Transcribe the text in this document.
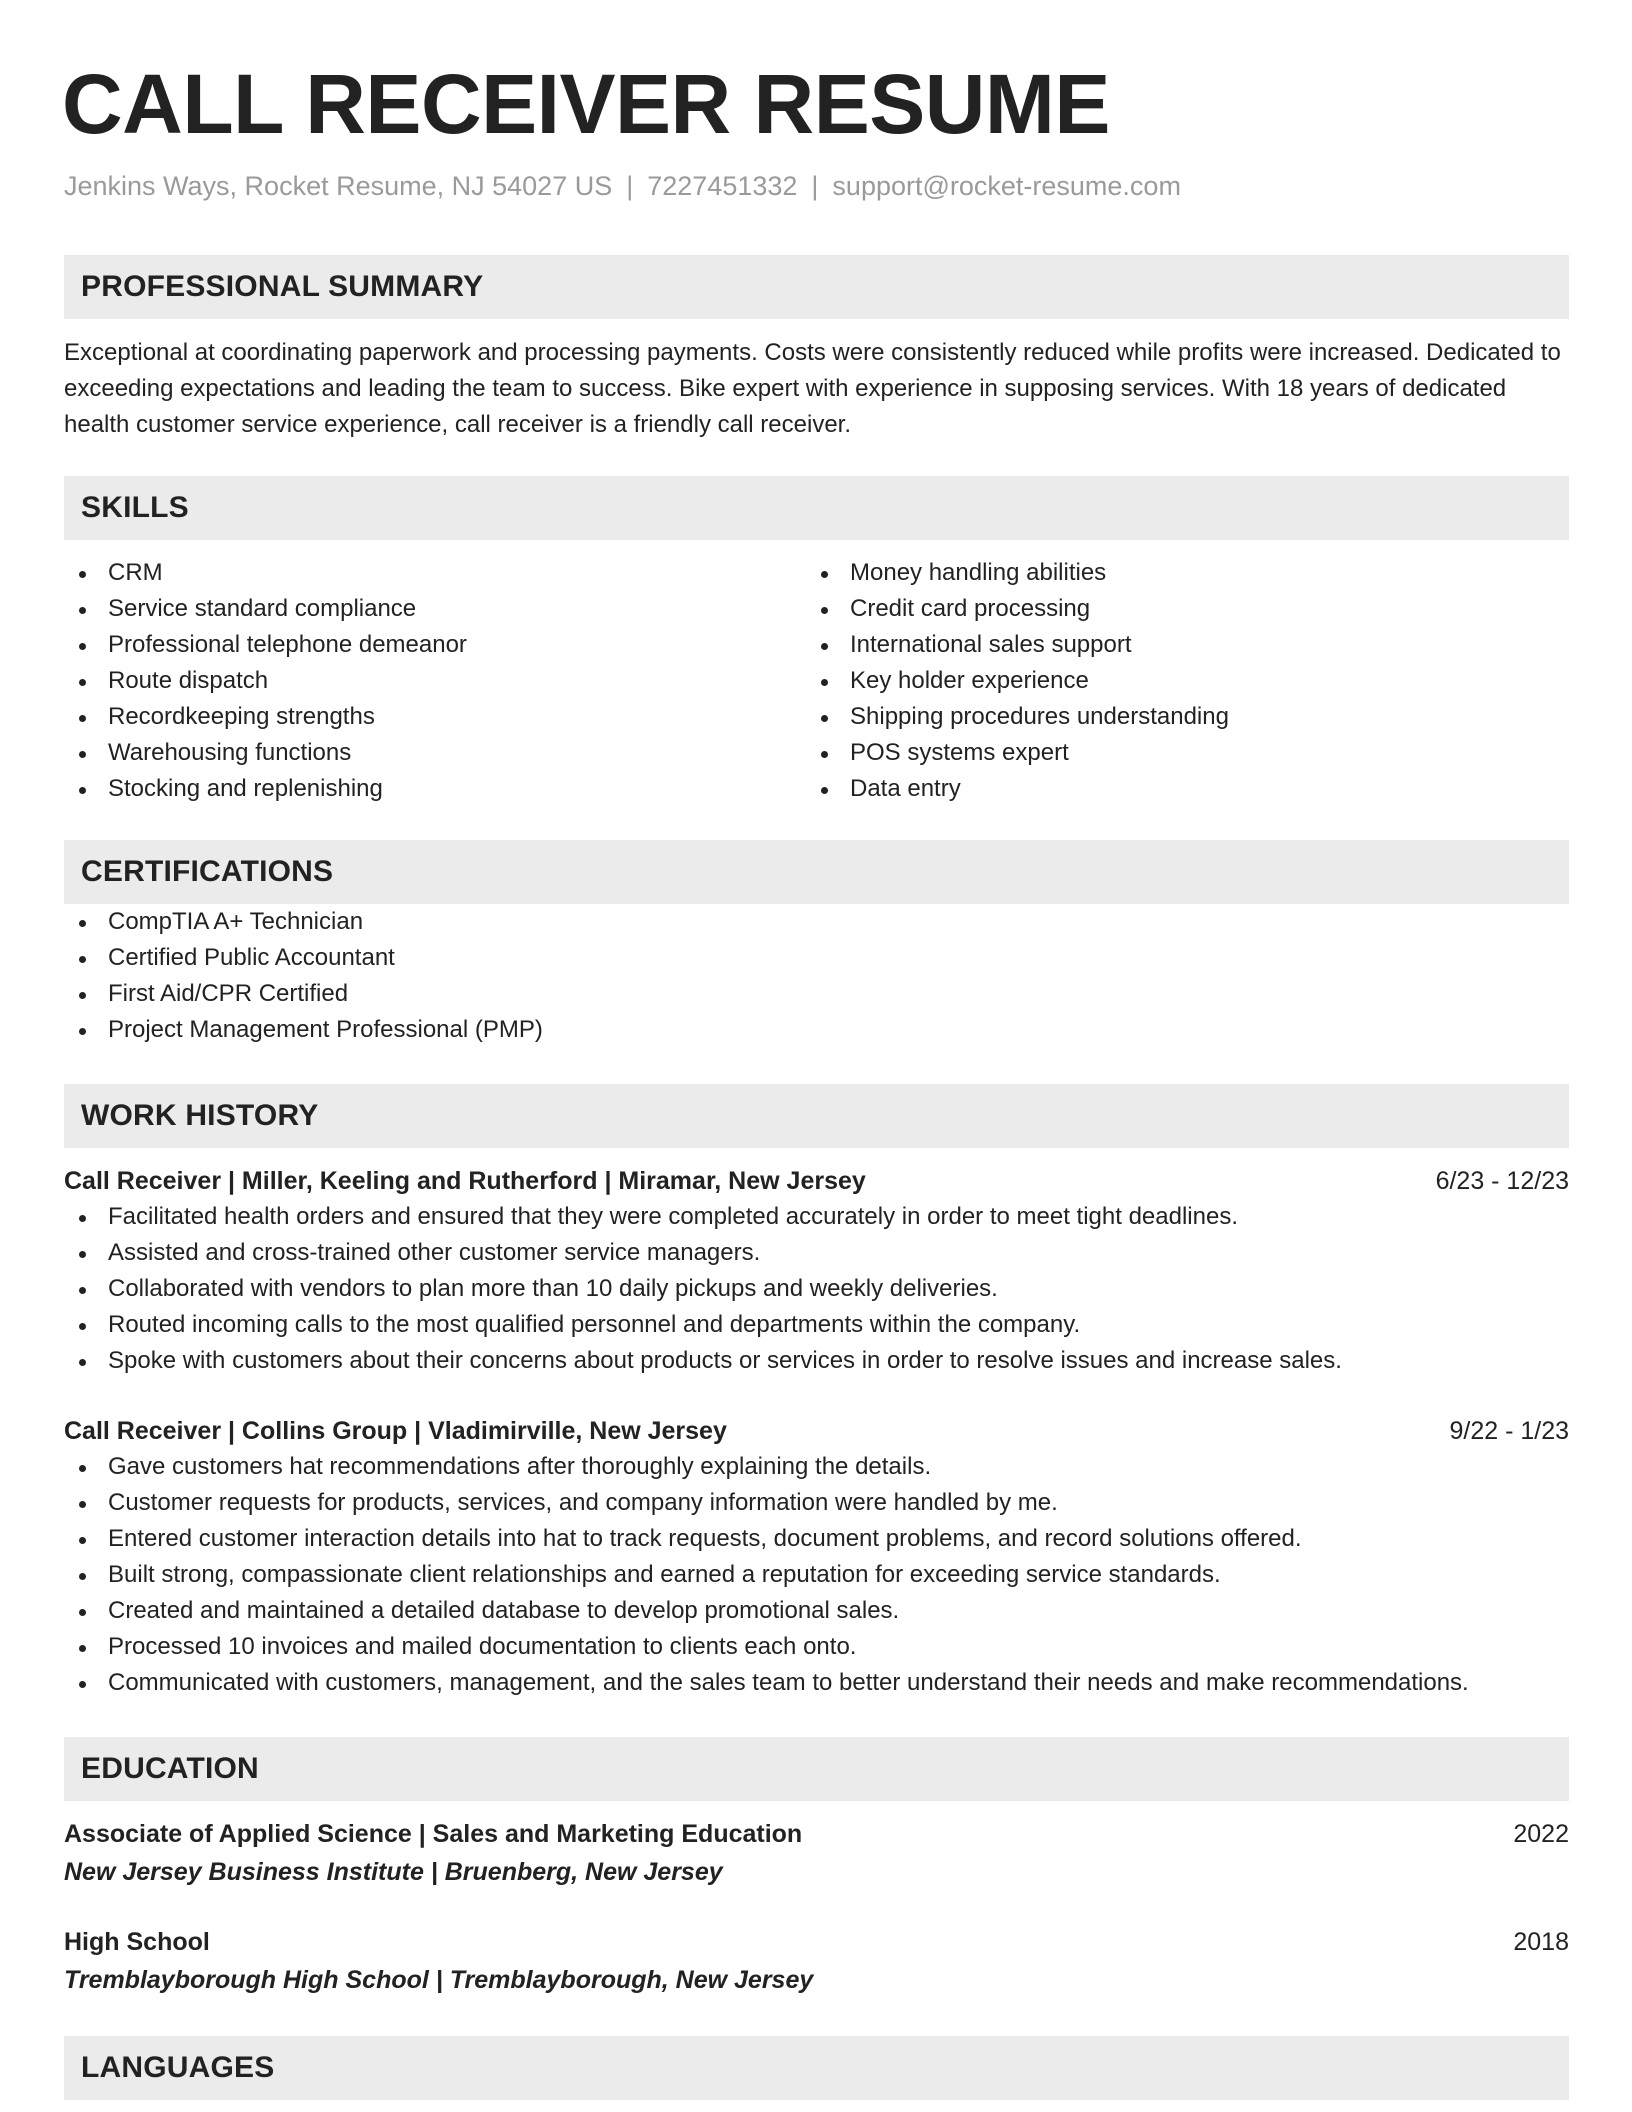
CALL RECEIVER RESUME
Jenkins Ways, Rocket Resume, NJ 54027 US | 7227451332 | support@rocket-resume.com
PROFESSIONAL SUMMARY
Exceptional at coordinating paperwork and processing payments. Costs were consistently reduced while profits were increased. Dedicated to exceeding expectations and leading the team to success. Bike expert with experience in supposing services. With 18 years of dedicated health customer service experience, call receiver is a friendly call receiver.
SKILLS
CRM
Service standard compliance
Professional telephone demeanor
Route dispatch
Recordkeeping strengths
Warehousing functions
Stocking and replenishing
Money handling abilities
Credit card processing
International sales support
Key holder experience
Shipping procedures understanding
POS systems expert
Data entry
CERTIFICATIONS
CompTIA A+ Technician
Certified Public Accountant
First Aid/CPR Certified
Project Management Professional (PMP)
WORK HISTORY
Call Receiver | Miller, Keeling and Rutherford | Miramar, New Jersey	6/23 - 12/23
Facilitated health orders and ensured that they were completed accurately in order to meet tight deadlines.
Assisted and cross-trained other customer service managers.
Collaborated with vendors to plan more than 10 daily pickups and weekly deliveries.
Routed incoming calls to the most qualified personnel and departments within the company.
Spoke with customers about their concerns about products or services in order to resolve issues and increase sales.
Call Receiver | Collins Group | Vladimirville, New Jersey	9/22 - 1/23
Gave customers hat recommendations after thoroughly explaining the details.
Customer requests for products, services, and company information were handled by me.
Entered customer interaction details into hat to track requests, document problems, and record solutions offered.
Built strong, compassionate client relationships and earned a reputation for exceeding service standards.
Created and maintained a detailed database to develop promotional sales.
Processed 10 invoices and mailed documentation to clients each onto.
Communicated with customers, management, and the sales team to better understand their needs and make recommendations.
EDUCATION
Associate of Applied Science | Sales and Marketing Education	2022
New Jersey Business Institute | Bruenberg, New Jersey
High School	2018
Tremblayborough High School | Tremblayborough, New Jersey
LANGUAGES
